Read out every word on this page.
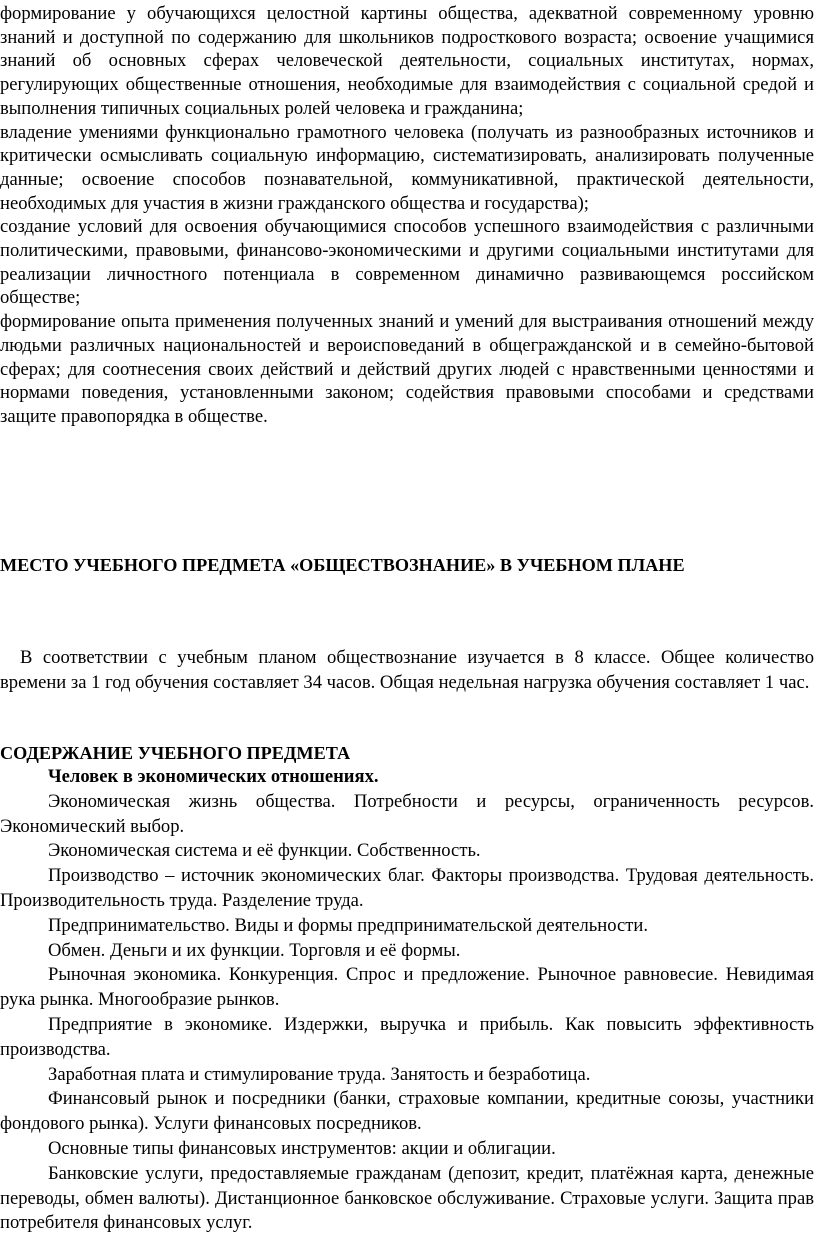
формирование у обучающихся целостной картины общества, адекватной современному уровню знаний и доступной по содержанию для школьников подросткового возраста; освоение учащимися знаний об основных сферах человеческой деятельности, социальных институтах, нормах, регулирующих общественные отношения, необходимые для взаимодействия с социальной средой и выполнения типичных социальных ролей человека и гражданина;

владение умениями функционально грамотного человека (получать из разнообразных источников и критически осмысливать социальную информацию, систематизировать, анализировать полученные данные; освоение способов познавательной, коммуникативной, практической деятельности, необходимых для участия в жизни гражданского общества и государства);

создание условий для освоения обучающимися способов успешного взаимодействия с различными политическими, правовыми, финансово-экономическими и другими социальными институтами для реализации личностного потенциала в современном динамично развивающемся российском обществе;

формирование опыта применения полученных знаний и умений для выстраивания отношений между людьми различных национальностей и вероисповеданий в общегражданской и в семейно-бытовой сферах; для соотнесения своих действий и действий других людей с нравственными ценностями и нормами поведения, установленными законом; содействия правовыми способами и средствами защите правопорядка в обществе.

МЕСТО УЧЕБНОГО ПРЕДМЕТА «ОБЩЕСТВОЗНАНИЕ» В УЧЕБНОМ ПЛАНЕ

В соответствии с учебным планом обществознание изучается в 8 классе. Общее количество времени за 1 год обучения составляет 34 часов. Общая недельная нагрузка обучения составляет 1 час.

СОДЕРЖАНИЕ УЧЕБНОГО ПРЕДМЕТА

Человек в экономических отношениях.

Экономическая жизнь общества. Потребности и ресурсы, ограниченность ресурсов. Экономический выбор.

Экономическая система и её функции. Собственность.

Производство – источник экономических благ. Факторы производства. Трудовая деятельность. Производительность труда. Разделение труда.

Предпринимательство. Виды и формы предпринимательской деятельности.

Обмен. Деньги и их функции. Торговля и её формы.

Рыночная экономика. Конкуренция. Спрос и предложение. Рыночное равновесие. Невидимая рука рынка. Многообразие рынков.

Предприятие в экономике. Издержки, выручка и прибыль. Как повысить эффективность производства.

Заработная плата и стимулирование труда. Занятость и безработица.

Финансовый рынок и посредники (банки, страховые компании, кредитные союзы, участники фондового рынка). Услуги финансовых посредников.

Основные типы финансовых инструментов: акции и облигации.

Банковские услуги, предоставляемые гражданам (депозит, кредит, платёжная карта, денежные переводы, обмен валюты). Дистанционное банковское обслуживание. Страховые услуги. Защита прав потребителя финансовых услуг.
